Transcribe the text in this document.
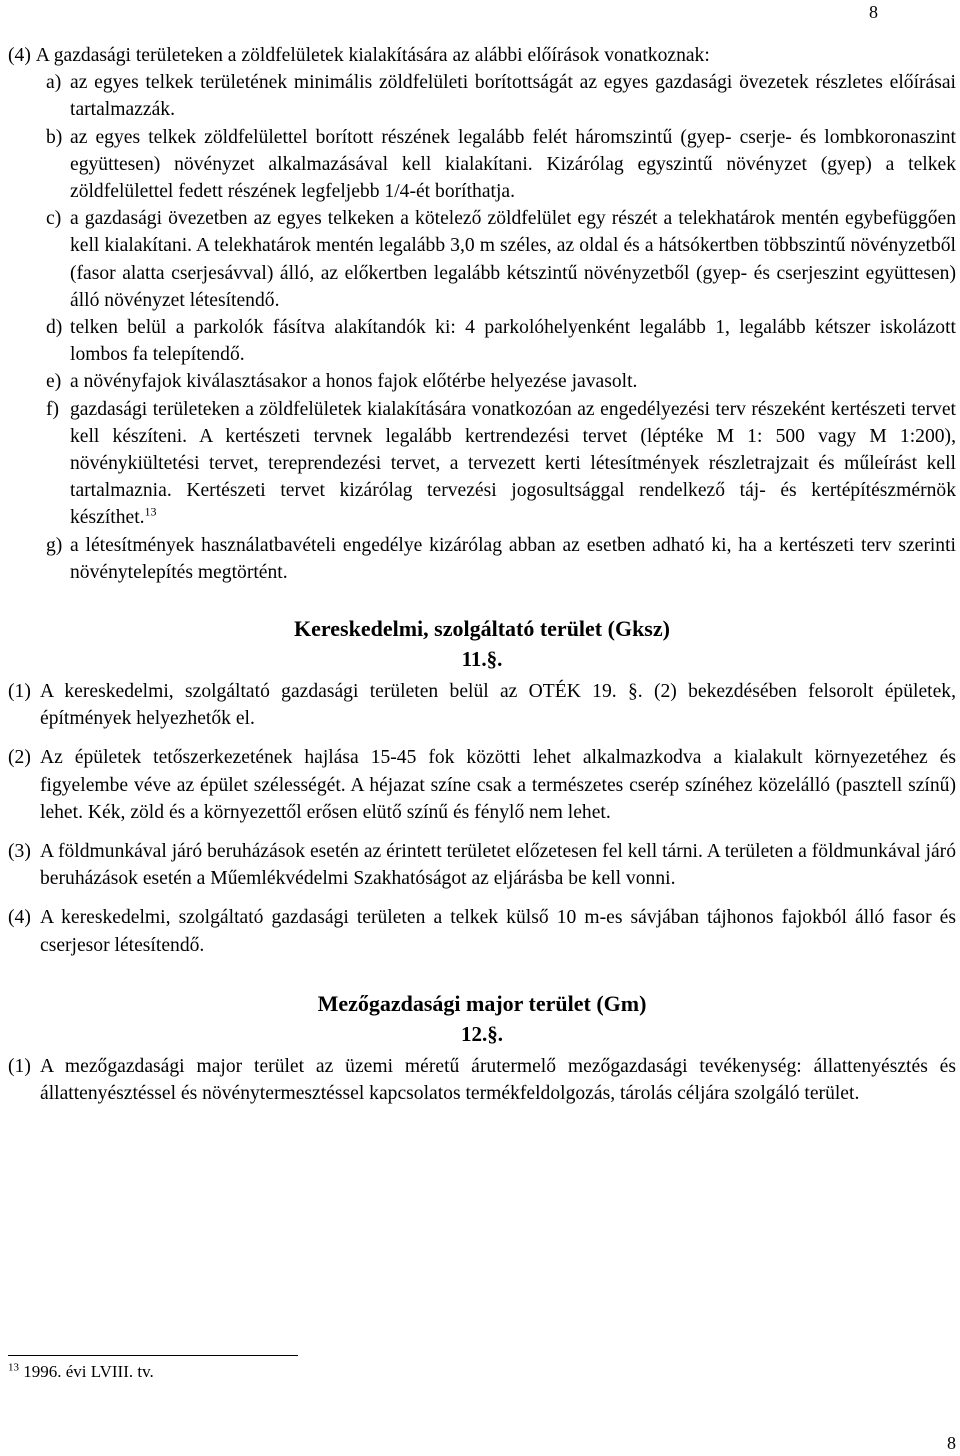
8
(4) A gazdasági területeken a zöldfelületek kialakítására az alábbi előírások vonatkoznak:
a) az egyes telkek területének minimális zöldfelületi borítottságát az egyes gazdasági övezetek részletes előírásai tartalmazzák.
b) az egyes telkek zöldfelülettel borított részének legalább felét háromszintű (gyep- cserje- és lombkoronaszint együttesen) növényzet alkalmazásával kell kialakítani. Kizárólag egyszintű növényzet (gyep) a telkek zöldfelülettel fedett részének legfeljebb 1/4-ét boríthatja.
c) a gazdasági övezetben az egyes telkeken a kötelező zöldfelület egy részét a telekhatárok mentén egybefüggően kell kialakítani. A telekhatárok mentén legalább 3,0 m széles, az oldal és a hátsókertben többszintű növényzetből (fasor alatta cserjesávval) álló, az előkertben legalább kétszintű növényzetből (gyep- és cserjeszint együttesen) álló növényzet létesítendő.
d) telken belül a parkolók fásítva alakítandók ki: 4 parkolóhelyenként legalább 1, legalább kétszer iskolázott lombos fa telepítendő.
e) a növényfajok kiválasztásakor a honos fajok előtérbe helyezése javasolt.
f) gazdasági területeken a zöldfelületek kialakítására vonatkozóan az engedélyezési terv részeként kertészeti tervet kell készíteni. A kertészeti tervnek legalább kertrendezési tervet (léptéke M 1: 500 vagy M 1:200), növénykiültetési tervet, tereprendezési tervet, a tervezett kerti létesítmények részletrajzait és műleírást kell tartalmaznia. Kertészeti tervet kizárólag tervezési jogosultsággal rendelkező táj- és kertépítészmérnök készíthet.$^{13}$
g) a létesítmények használatbavételi engedélye kizárólag abban az esetben adható ki, ha a kertészeti terv szerinti növénytelepítés megtörtént.
Kereskedelmi, szolgáltató terület (Gksz)
11.§.
(1) A kereskedelmi, szolgáltató gazdasági területen belül az OTÉK 19. §. (2) bekezdésében felsorolt épületek, építmények helyezhetők el.
(2) Az épületek tetőszerkezetének hajlása 15-45 fok közötti lehet alkalmazkodva a kialakult környezetéhez és figyelembe véve az épület szélességét. A héjazat színe csak a természetes cserép színéhez közelálló (pasztell színű) lehet. Kék, zöld és a környezettől erősen elütő színű és fénylő nem lehet.
(3) A földmunkával járó beruházások esetén az érintett területet előzetesen fel kell tárni. A területen a földmunkával járó beruházások esetén a Műemlékvédelmi Szakhatóságot az eljárásba be kell vonni.
(4) A kereskedelmi, szolgáltató gazdasági területen a telkek külső 10 m-es sávjában tájhonos fajokból álló fasor és cserjesor létesítendő.
Mezőgazdasági major terület (Gm)
12.§.
(1) A mezőgazdasági major terület az üzemi méretű árutermelő mezőgazdasági tevékenység: állattenyésztés és állattenyésztéssel és növénytermesztéssel kapcsolatos termékfeldolgozás, tárolás céljára szolgáló terület.
$^{13}$ 1996. évi LVIII. tv.
8
